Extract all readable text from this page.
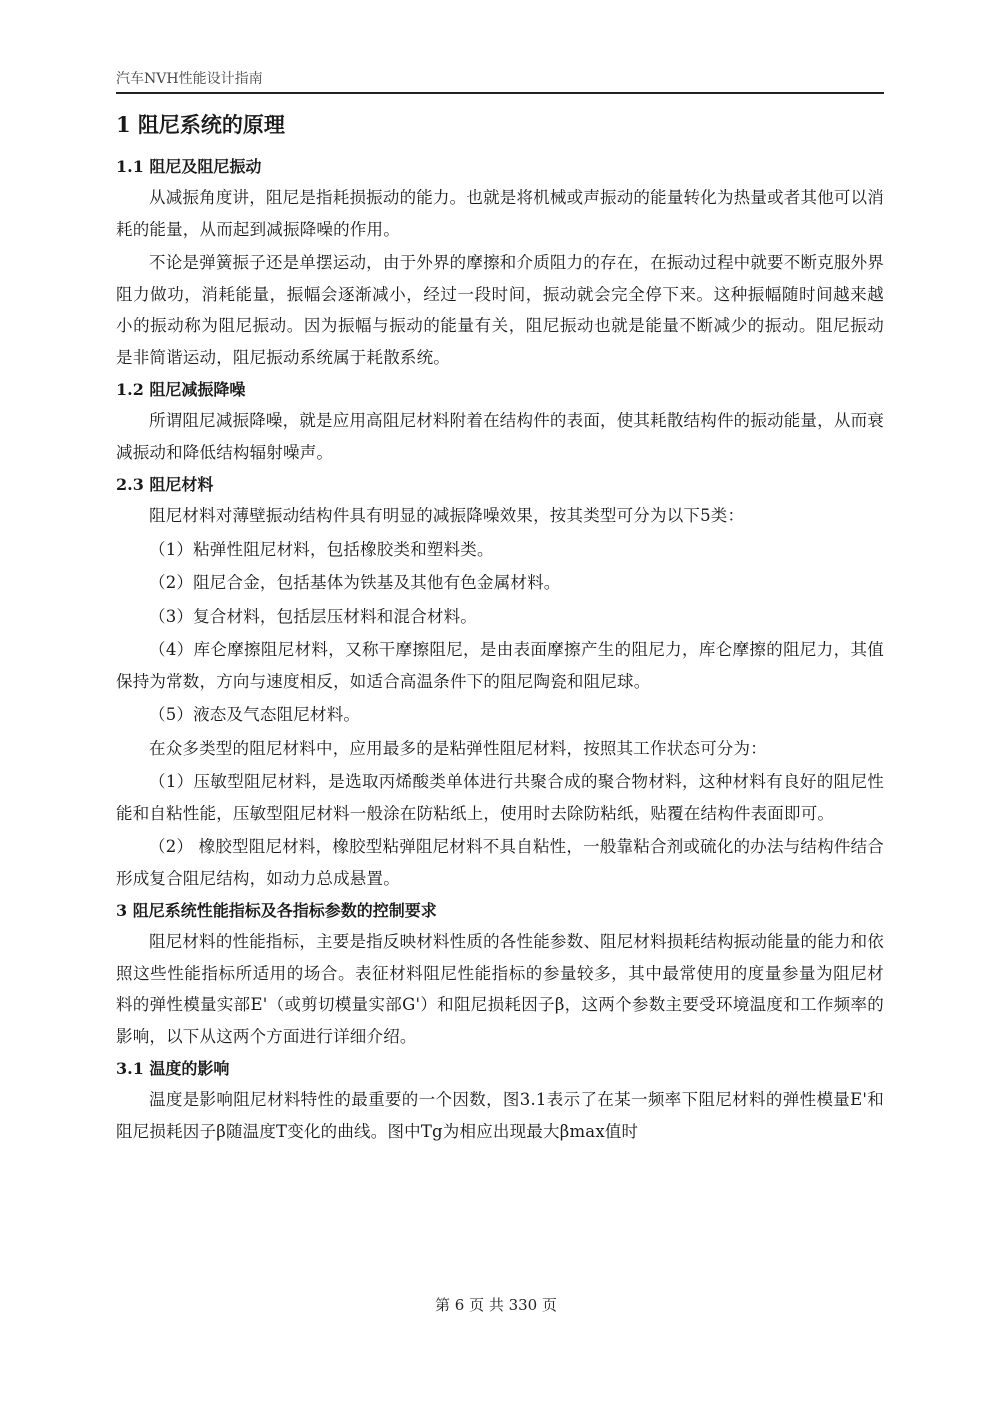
汽车NVH性能设计指南
1 阻尼系统的原理
1.1 阻尼及阻尼振动
从减振角度讲，阻尼是指耗损振动的能力。也就是将机械或声振动的能量转化为热量或者其他可以消耗的能量，从而起到减振降噪的作用。
不论是弹簧振子还是单摆运动，由于外界的摩擦和介质阻力的存在，在振动过程中就要不断克服外界阻力做功，消耗能量，振幅会逐渐减小，经过一段时间，振动就会完全停下来。这种振幅随时间越来越小的振动称为阻尼振动。因为振幅与振动的能量有关，阻尼振动也就是能量不断减少的振动。阻尼振动是非简谐运动，阻尼振动系统属于耗散系统。
1.2 阻尼减振降噪
所谓阻尼减振降噪，就是应用高阻尼材料附着在结构件的表面，使其耗散结构件的振动能量，从而衰减振动和降低结构辐射噪声。
2.3 阻尼材料
阻尼材料对薄壁振动结构件具有明显的减振降噪效果，按其类型可分为以下5类：
（1）粘弹性阻尼材料，包括橡胶类和塑料类。
（2）阻尼合金，包括基体为铁基及其他有色金属材料。
（3）复合材料，包括层压材料和混合材料。
（4）库仑摩擦阻尼材料，又称干摩擦阻尼，是由表面摩擦产生的阻尼力，库仑摩擦的阻尼力，其值保持为常数，方向与速度相反，如适合高温条件下的阻尼陶瓷和阻尼球。
（5）液态及气态阻尼材料。
在众多类型的阻尼材料中，应用最多的是粘弹性阻尼材料，按照其工作状态可分为：
（1）压敏型阻尼材料，是选取丙烯酸类单体进行共聚合成的聚合物材料，这种材料有良好的阻尼性能和自粘性能，压敏型阻尼材料一般涂在防粘纸上，使用时去除防粘纸，贴覆在结构件表面即可。
（2） 橡胶型阻尼材料，橡胶型粘弹阻尼材料不具自粘性，一般靠粘合剂或硫化的办法与结构件结合形成复合阻尼结构，如动力总成悬置。
3 阻尼系统性能指标及各指标参数的控制要求
阻尼材料的性能指标，主要是指反映材料性质的各性能参数、阻尼材料损耗结构振动能量的能力和依照这些性能指标所适用的场合。表征材料阻尼性能指标的参量较多，其中最常使用的度量参量为阻尼材料的弹性模量实部E'（或剪切模量实部G'）和阻尼损耗因子β，这两个参数主要受环境温度和工作频率的影响，以下从这两个方面进行详细介绍。
3.1 温度的影响
温度是影响阻尼材料特性的最重要的一个因数，图3.1表示了在某一频率下阻尼材料的弹性模量E'和阻尼损耗因子β随温度T变化的曲线。图中Tg为相应出现最大βmax值时
第 6 页 共 330 页
